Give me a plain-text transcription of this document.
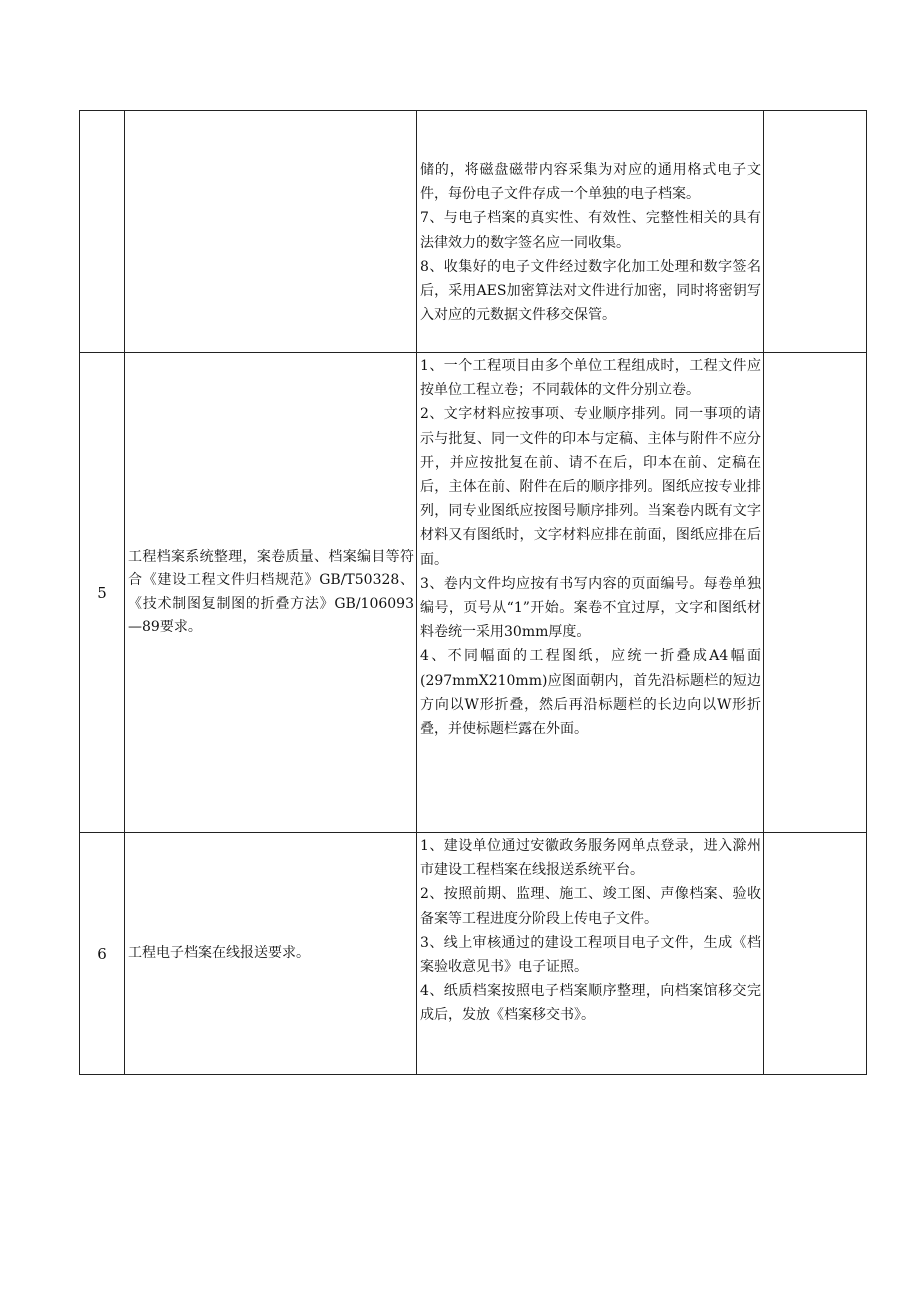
		储的，将磁盘磁带内容采集为对应的通用格式电子文件，每份电子文件存成一个单独的电子档案。

7、与电子档案的真实性、有效性、完整性相关的具有法律效力的数字签名应一同收集。

8、收集好的电子文件经过数字化加工处理和数字签名后，采用AES加密算法对文件进行加密，同时将密钥写入对应的元数据文件移交保管。	

5	工程档案系统整理，案卷质量、档案编目等符合《建设工程文件归档规范》GB/T50328、《技术制图复制图的折叠方法》GB/106093—89要求。	1、一个工程项目由多个单位工程组成时，工程文件应按单位工程立卷；不同载体的文件分别立卷。

2、文字材料应按事项、专业顺序排列。同一事项的请示与批复、同一文件的印本与定稿、主体与附件不应分开，并应按批复在前、请不在后，印本在前、定稿在后，主体在前、附件在后的顺序排列。图纸应按专业排列，同专业图纸应按图号顺序排列。当案卷内既有文字材料又有图纸时，文字材料应排在前面，图纸应排在后面。

3、卷内文件均应按有书写内容的页面编号。每卷单独编号，页号从“1”开始。案卷不宜过厚，文字和图纸材料卷统一采用30mm厚度。

4、不同幅面的工程图纸，应统一折叠成A4幅面(297mmX210mm)应图面朝内，首先沿标题栏的短边方向以W形折叠，然后再沿标题栏的长边向以W形折叠，并使标题栏露在外面。	

6	工程电子档案在线报送要求。	1、建设单位通过安徽政务服务网单点登录，进入滁州市建设工程档案在线报送系统平台。

2、按照前期、监理、施工、竣工图、声像档案、验收备案等工程进度分阶段上传电子文件。

3、线上审核通过的建设工程项目电子文件，生成《档案验收意见书》电子证照。

4、纸质档案按照电子档案顺序整理，向档案馆移交完成后，发放《档案移交书》。	
